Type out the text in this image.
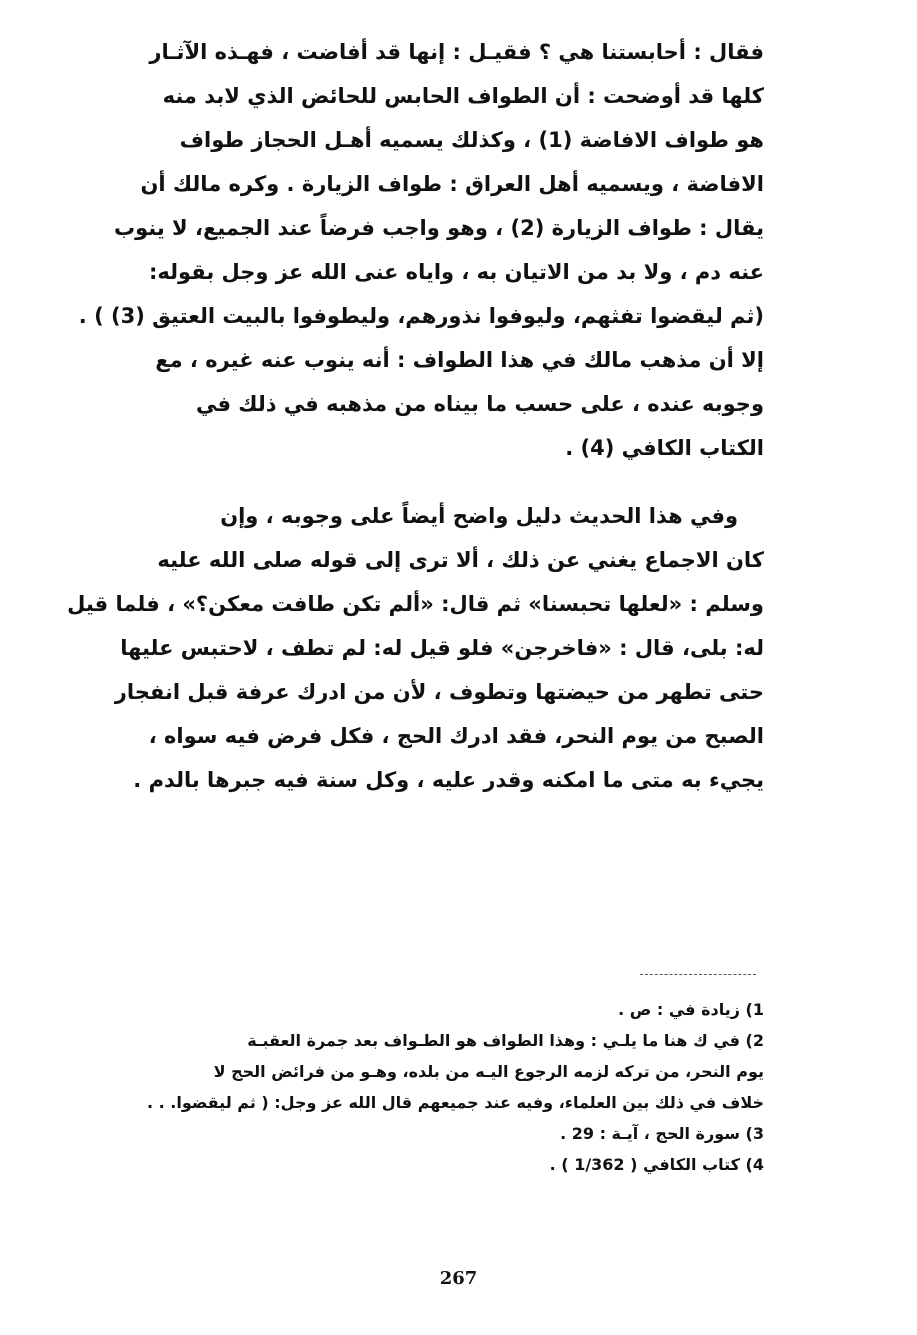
فقال : أحابستنا هي ؟ فقيـل : إنها قد أفاضت ، فهـذه الآثـار
كلها قد أوضحت : أن الطواف الحابس للحائض الذي لابد منه
هو طواف الافاضة (1) ، وكذلك يسميه أهـل الحجاز طواف
الافاضة ، ويسميه أهل العراق : طواف الزيارة . وكره مالك أن
يقال : طواف الزيارة (2) ، وهو واجب فرضاً عند الجميع، لا ينوب
عنه دم ، ولا بد من الاتيان به ، واياه عنى الله عز وجل بقوله:
(ثم ليقضوا تفثهم، وليوفوا نذورهم، وليطوفوا بالبيت العتيق (3) ) .
إلا أن مذهب مالك في هذا الطواف : أنه ينوب عنه غيره ، مع
وجوبه عنده ، على حسب ما بيناه من مذهبه في ذلك في
الكتاب الكافي (4) .
وفي هذا الحديث دليل واضح أيضاً على وجوبه ، وإن
كان الاجماع يغني عن ذلك ، ألا ترى إلى قوله صلى الله عليه
وسلم : «لعلها تحبسنا» ثم قال: «ألم تكن طافت معكن؟» ، فلما قيل
له: بلى، قال : «فاخرجن» فلو قيل له: لم تطف ، لاحتبس عليها
حتى تطهر من حيضتها وتطوف ، لأن من ادرك عرفة قبل انفجار
الصبح من يوم النحر، فقد ادرك الحج ، فكل فرض فيه سواه ،
يجيء به متى ما امكنه وقدر عليه ، وكل سنة فيه جبرها بالدم .
1) زيادة في : ص .
2) في ك هنا ما يلـي : وهذا الطواف هو الطـواف بعد جمرة العقبـة
يوم النحر، من تركه لزمه الرجوع اليـه من بلده، وهـو من فرائض الحج لا
خلاف في ذلك بين العلماء، وفيه عند جميعهم قال الله عز وجل: ( ثم ليقضوا. . .
3) سورة الحج ، آيـة : 29 .
4) كتاب الكافي ( 1/362 ) .
267
